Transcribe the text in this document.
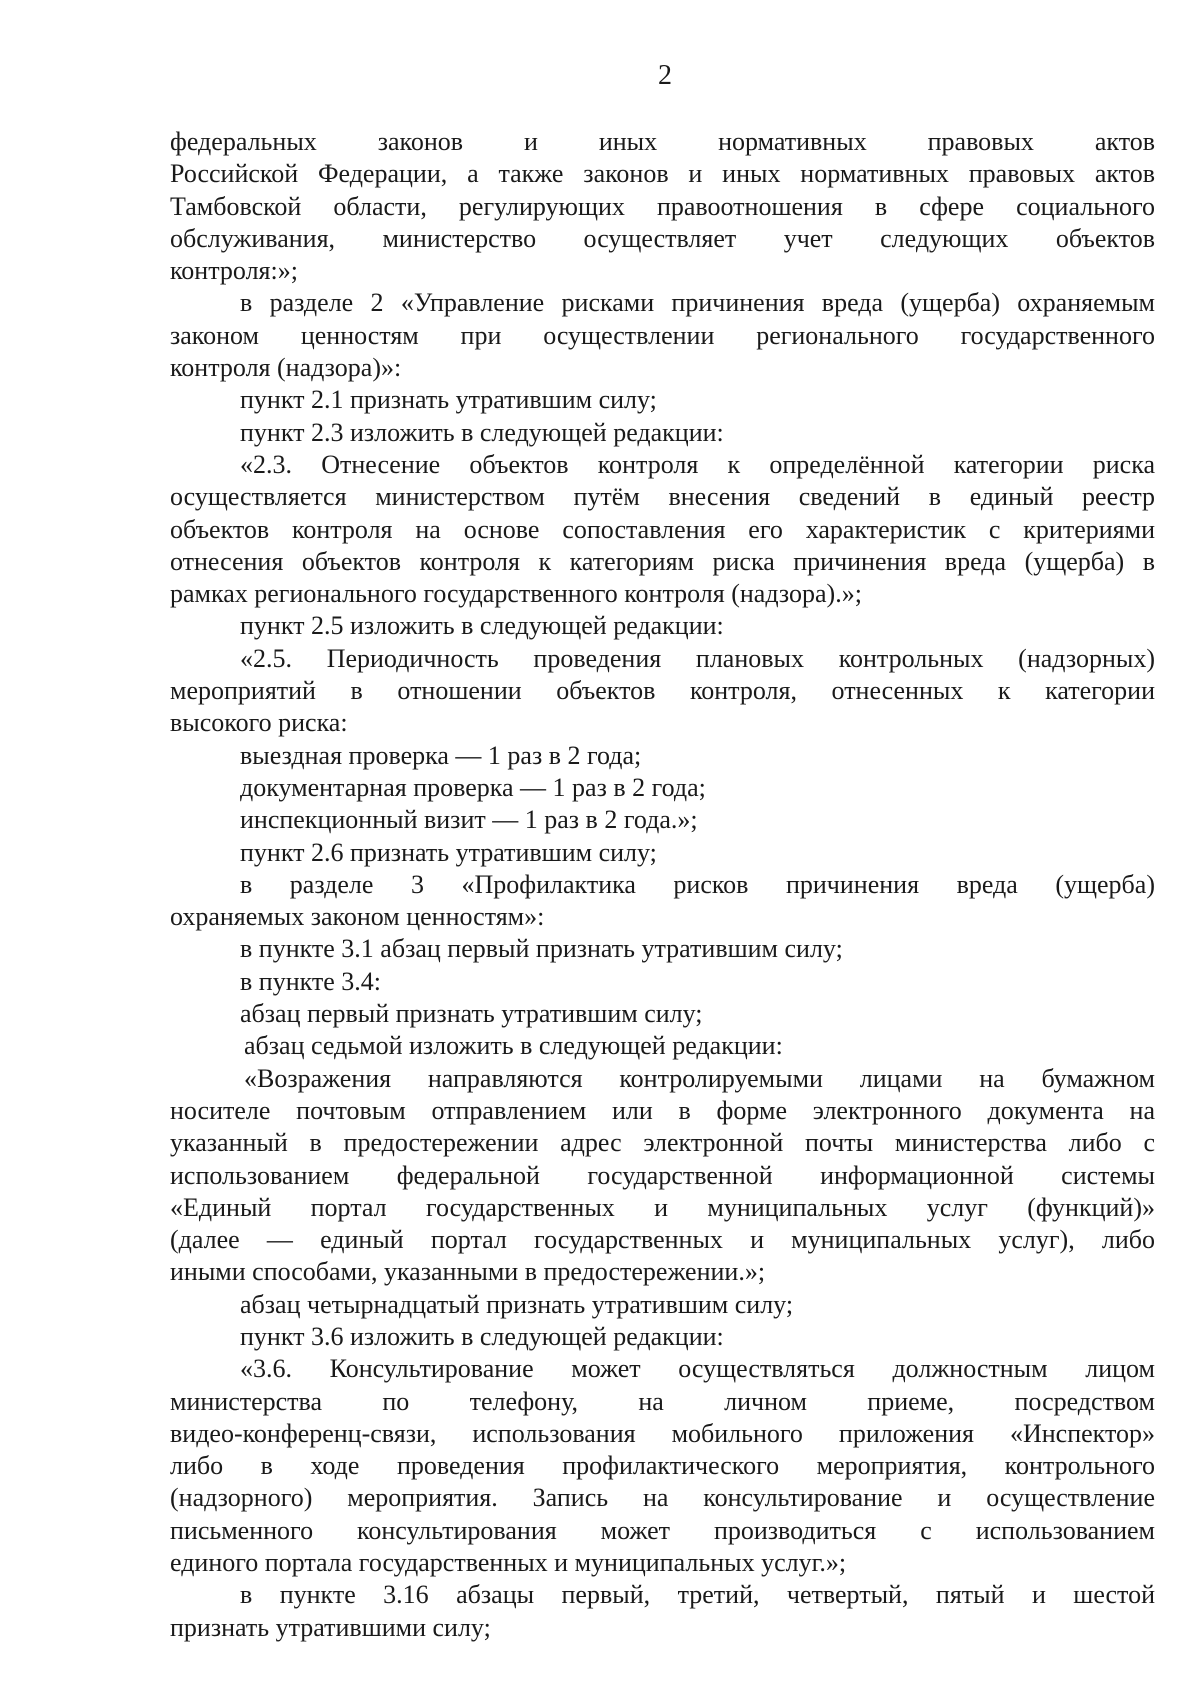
2
федеральных законов и иных нормативных правовых актов
Российской Федерации, а также законов и иных нормативных правовых актов
Тамбовской области, регулирующих правоотношения в сфере социального
обслуживания, министерство осуществляет учет следующих объектов
контроля:»;
в разделе 2 «Управление рисками причинения вреда (ущерба) охраняемым
законом ценностям при осуществлении регионального государственного
контроля (надзора)»:
пункт 2.1 признать утратившим силу;
пункт 2.3 изложить в следующей редакции:
«2.3. Отнесение объектов контроля к определённой категории риска
осуществляется министерством путём внесения сведений в единый реестр
объектов контроля на основе сопоставления его характеристик с критериями
отнесения объектов контроля к категориям риска причинения вреда (ущерба) в
рамках регионального государственного контроля (надзора).»;
пункт 2.5 изложить в следующей редакции:
«2.5. Периодичность проведения плановых контрольных (надзорных)
мероприятий в отношении объектов контроля, отнесенных к категории
высокого риска:
выездная проверка — 1 раз в 2 года;
документарная проверка — 1 раз в 2 года;
инспекционный визит — 1 раз в 2 года.»;
пункт 2.6 признать утратившим силу;
в разделе 3 «Профилактика рисков причинения вреда (ущерба)
охраняемых законом ценностям»:
в пункте 3.1 абзац первый признать утратившим силу;
в пункте 3.4:
абзац первый признать утратившим силу;
абзац седьмой изложить в следующей редакции:
«Возражения направляются контролируемыми лицами на бумажном
носителе почтовым отправлением или в форме электронного документа на
указанный в предостережении адрес электронной почты министерства либо с
использованием федеральной государственной информационной системы
«Единый портал государственных и муниципальных услуг (функций)»
(далее — единый портал государственных и муниципальных услуг), либо
иными способами, указанными в предостережении.»;
абзац четырнадцатый признать утратившим силу;
пункт 3.6 изложить в следующей редакции:
«3.6. Консультирование может осуществляться должностным лицом
министерства по телефону, на личном приеме, посредством
видео-конференц-связи, использования мобильного приложения «Инспектор»
либо в ходе проведения профилактического мероприятия, контрольного
(надзорного) мероприятия. Запись на консультирование и осуществление
письменного консультирования может производиться с использованием
единого портала государственных и муниципальных услуг.»;
в пункте 3.16 абзацы первый, третий, четвертый, пятый и шестой
признать утратившими силу;
